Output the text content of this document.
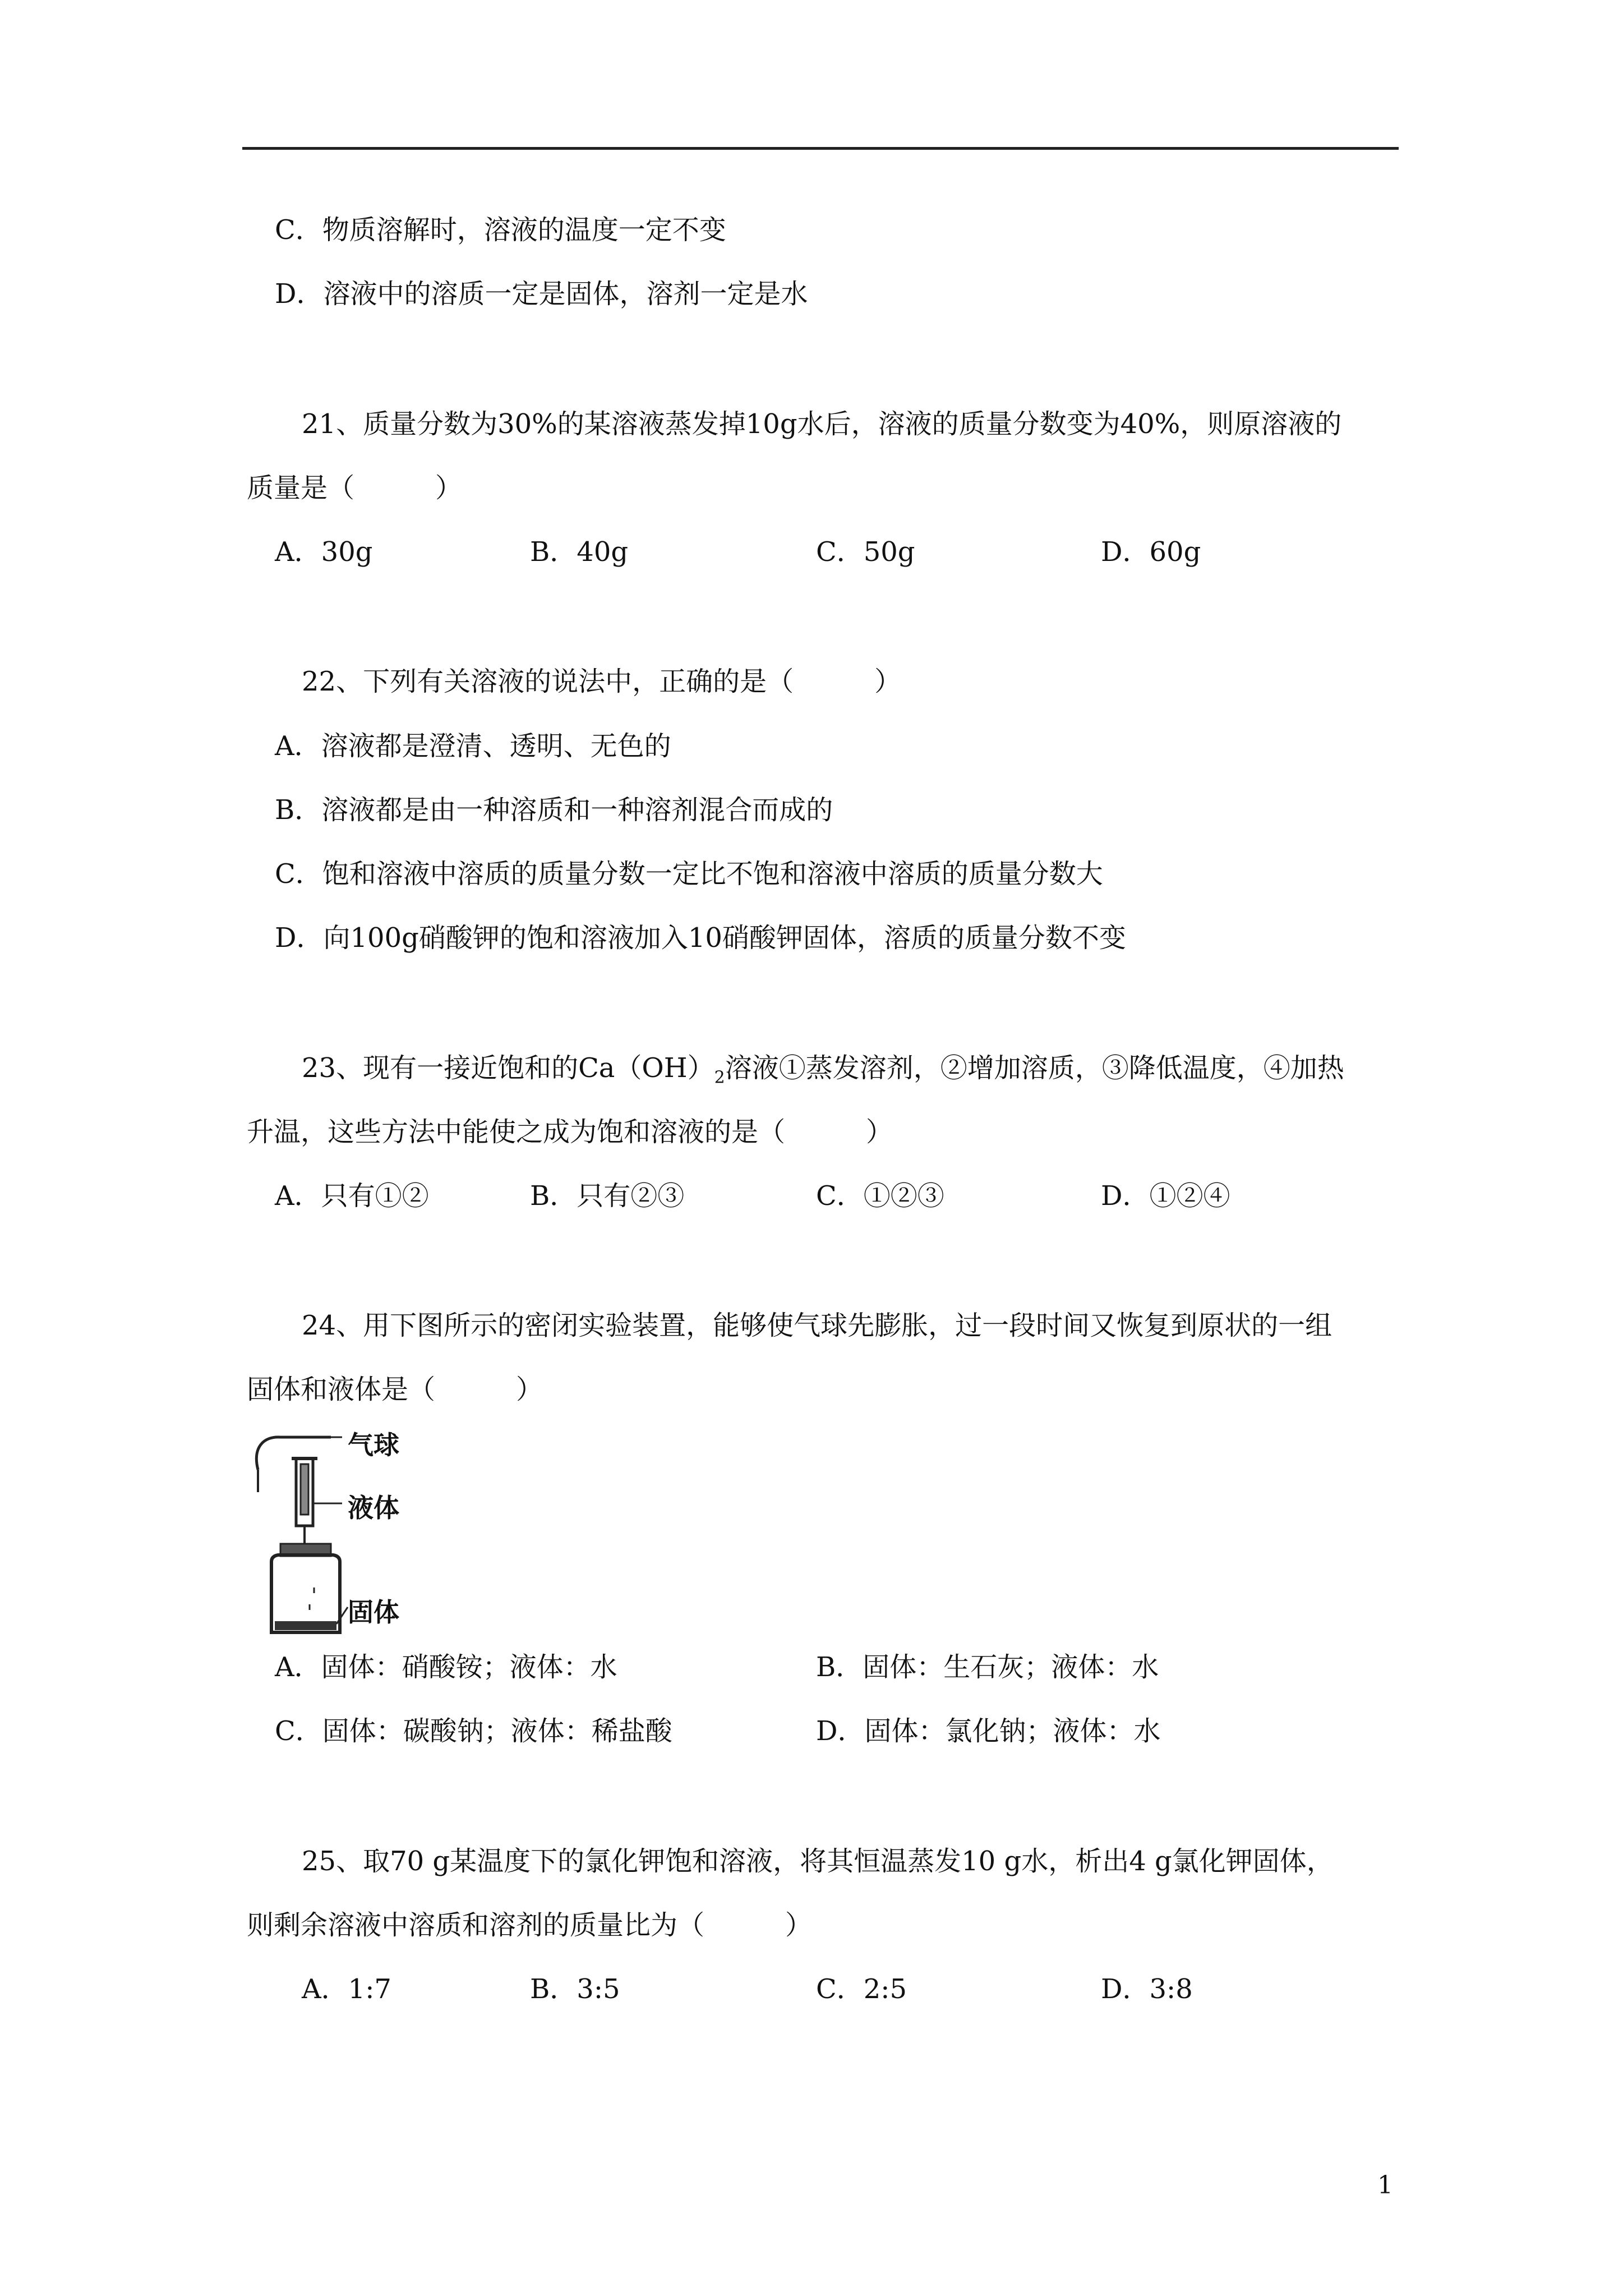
C．物质溶解时，溶液的温度一定不变
D．溶液中的溶质一定是固体，溶剂一定是水
21、质量分数为30%的某溶液蒸发掉10g水后，溶液的质量分数变为40%，则原溶液的
质量是（　　　）
A．30g	B．40g	C．50g	D．60g
22、下列有关溶液的说法中，正确的是（　　　）
A．溶液都是澄清、透明、无色的
B．溶液都是由一种溶质和一种溶剂混合而成的
C．饱和溶液中溶质的质量分数一定比不饱和溶液中溶质的质量分数大
D．向100g硝酸钾的饱和溶液加入10硝酸钾固体，溶质的质量分数不变
23、现有一接近饱和的$Ca(OH)_2$溶液①蒸发溶剂，②增加溶质，③降低温度，④加热
升温，这些方法中能使之成为饱和溶液的是（　　　）
A．只有①②	B．只有②③	C．①②③	D．①②④
24、用下图所示的密闭实验装置，能够使气球先膨胀，过一段时间又恢复到原状的一组
固体和液体是（　　　）
气球
液体
固体
A．固体：硝酸铵；液体：水	B．固体：生石灰；液体：水
C．固体：碳酸钠；液体：稀盐酸	D．固体：氯化钠；液体：水
25、取70 g某温度下的氯化钾饱和溶液，将其恒温蒸发10 g水，析出4 g氯化钾固体，
则剩余溶液中溶质和溶剂的质量比为（　　　）
A．1:7	B．3:5	C．2:5	D．3:8
1
